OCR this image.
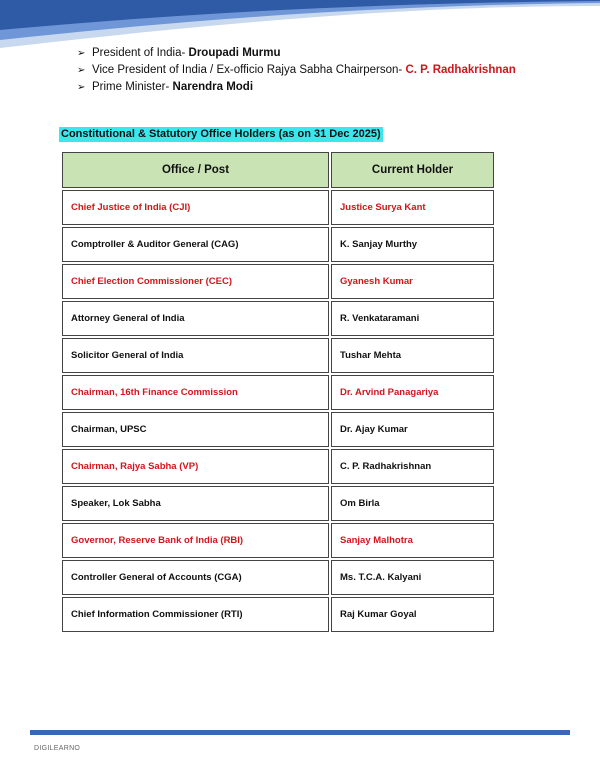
➢ President of India- Droupadi Murmu
➢ Vice President of India / Ex-officio Rajya Sabha Chairperson- C. P. Radhakrishnan
➢ Prime Minister- Narendra Modi
Constitutional & Statutory Office Holders (as on 31 Dec 2025)
Office / Post	Current Holder
Chief Justice of India (CJI)	Justice Surya Kant
Comptroller & Auditor General (CAG)	K. Sanjay Murthy
Chief Election Commissioner (CEC)	Gyanesh Kumar
Attorney General of India	R. Venkataramani
Solicitor General of India	Tushar Mehta
Chairman, 16th Finance Commission	Dr. Arvind Panagariya
Chairman, UPSC	Dr. Ajay Kumar
Chairman, Rajya Sabha (VP)	C. P. Radhakrishnan
Speaker, Lok Sabha	Om Birla
Governor, Reserve Bank of India (RBI)	Sanjay Malhotra
Controller General of Accounts (CGA)	Ms. T.C.A. Kalyani
Chief Information Commissioner (RTI)	Raj Kumar Goyal
DIGILEARNO
